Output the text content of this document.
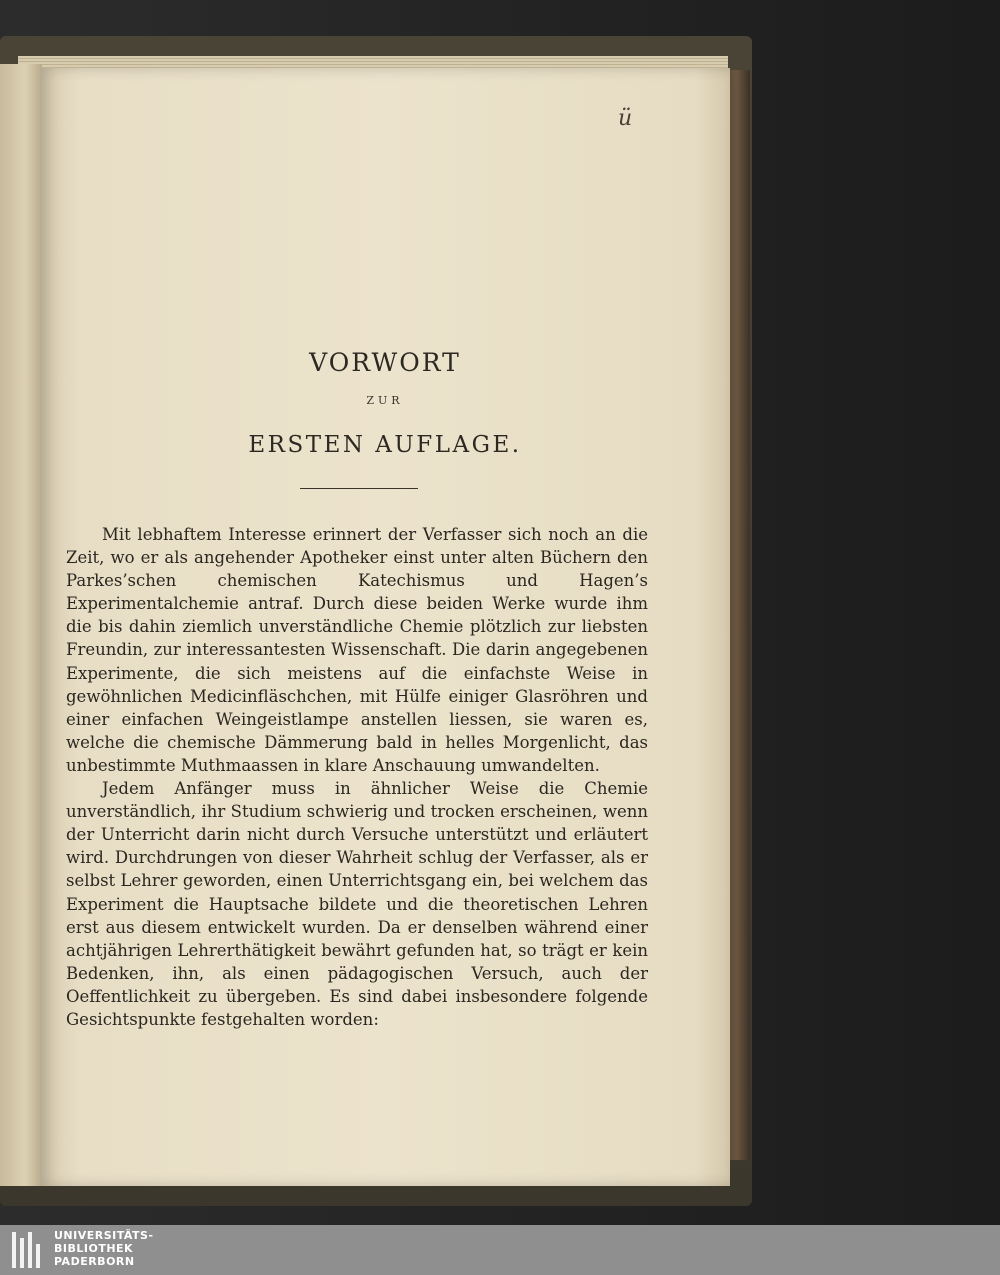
ü
VORWORT
ZUR
ERSTEN AUFLAGE.

Mit lebhaftem Interesse erinnert der Verfasser sich noch an die Zeit, wo er als angehender Apotheker einst unter alten Büchern den Parkes’schen chemischen Katechismus und Hagen’s Experimentalchemie antraf. Durch diese beiden Werke wurde ihm die bis dahin ziemlich unverständliche Chemie plötzlich zur liebsten Freundin, zur interessantesten Wissenschaft. Die darin angegebenen Experimente, die sich meistens auf die einfachste Weise in gewöhnlichen Medicinfläschchen, mit Hülfe einiger Glasröhren und einer einfachen Weingeistlampe anstellen liessen, sie waren es, welche die chemische Dämmerung bald in helles Morgenlicht, das unbestimmte Muthmaassen in klare Anschauung umwandelten.

Jedem Anfänger muss in ähnlicher Weise die Chemie unverständlich, ihr Studium schwierig und trocken erscheinen, wenn der Unterricht darin nicht durch Versuche unterstützt und erläutert wird. Durchdrungen von dieser Wahrheit schlug der Verfasser, als er selbst Lehrer geworden, einen Unterrichtsgang ein, bei welchem das Experiment die Hauptsache bildete und die theoretischen Lehren erst aus diesem entwickelt wurden. Da er denselben während einer achtjährigen Lehrerthätigkeit bewährt gefunden hat, so trägt er kein Bedenken, ihn, als einen pädagogischen Versuch, auch der Oeffentlichkeit zu übergeben. Es sind dabei insbesondere folgende Gesichtspunkte festgehalten worden:

UNIVERSITÄTS-
BIBLIOTHEK
PADERBORN
